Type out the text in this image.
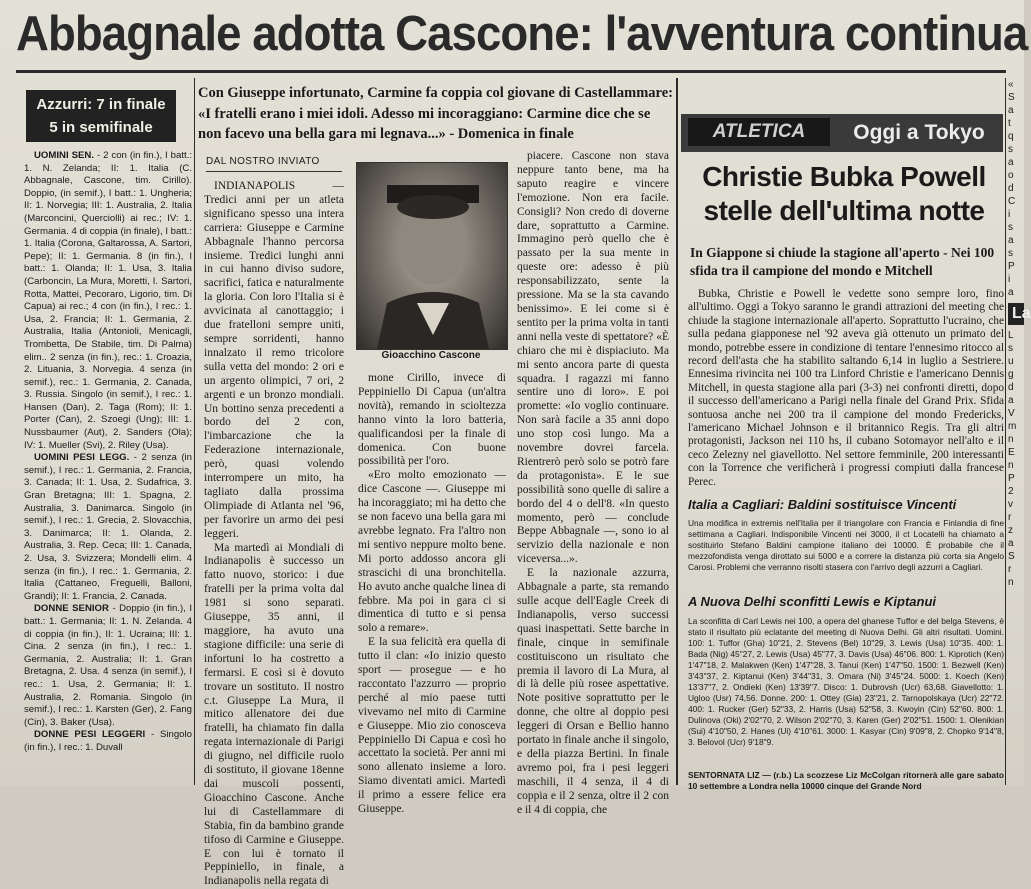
Abbagnale adotta Cascone: l'avventura continua
Azzurri: 7 in finale
5 in semifinale

UOMINI SEN. - 2 con (in fin.), I batt.: 1. N. Zelanda; II: 1. Italia (C. Abbagnale, Cascone, tim. Cirillo). Doppio, (in semif.), I batt.: 1. Ungheria; II: 1. Norvegia; III: 1. Australia, 2. Italia (Marconcini, Querciolli) ai rec.; IV: 1. Germania. 4 di coppia (in finale), I batt.: 1. Italia (Corona, Galtarossa, A. Sartori, Pepe); II: 1. Germania. 8 (in fin.), I batt.: 1. Olanda; II: 1. Usa, 3. Italia (Carboncin, La Mura, Moretti, I. Sartori, Rotta, Mattei, Pecoraro, Ligorio, tim. Di Capua) ai rec.; 4 con (in fin.), I rec.: 1. Usa, 2. Francia; II: 1. Germania, 2. Australia, Italia (Antonioli, Menicagli, Trombetta, De Stabile, tim. Di Palma) elim.. 2 senza (in fin.), rec.: 1. Croazia, 2. Lituania, 3. Norvegia. 4 senza (in semif.), rec.: 1. Germania, 2. Canada, 3. Russia. Singolo (in semif.), I rec.: 1. Hansen (Dan), 2. Taga (Rom); II: 1. Porter (Can), 2. Szoegi (Ung); III: 1. Nussbaumer (Aut), 2. Sanders (Ola); IV: 1. Mueller (Svi), 2. Riley (Usa).

UOMINI PESI LEGG. - 2 senza (in semif.), I rec.: 1. Germania, 2. Francia, 3. Canada; II: 1. Usa, 2. Sudafrica, 3. Gran Bretagna; III: 1. Spagna, 2. Australia, 3. Danimarca. Singolo (in semif.), I rec.: 1. Grecia, 2. Slovacchia, 3. Danimarca; II: 1. Olanda, 2. Australia, 3. Rep. Ceca; III: 1. Canada, 2. Usa, 3. Svizzera; Mondelli elim. 4 senza (in fin.), I rec.: 1. Germania, 2. Italia (Cattaneo, Freguelli, Balloni, Grandi); II: 1. Francia, 2. Canada.

DONNE SENIOR - Doppio (in fin.), I batt.: 1. Germania; II: 1. N. Zelanda. 4 di coppia (in fin.), II: 1. Ucraina; III: 1. Cina. 2 senza (in fin.), I rec.: 1. Germania, 2. Australia; II: 1. Gran Bretagna, 2. Usa. 4 senza (in semif.), I rec.: 1. Usa, 2. Germania; II: 1. Australia, 2. Romania. Singolo (in semif.), I rec.: 1. Karsten (Ger), 2. Fang (Cin), 3. Baker (Usa).

DONNE PESI LEGGERI - Singolo (in fin.), I rec.: 1. Duvall

Con Giuseppe infortunato, Carmine fa coppia col giovane di Castellammare: «I fratelli erano i miei idoli. Adesso mi incoraggiano: Carmine dice che se non facevo una bella gara mi legnava...» - Domenica in finale
DAL NOSTRO INVIATO

INDIANAPOLIS — Tredici anni per un atleta significano spesso una intera carriera: Giuseppe e Carmine Abbagnale l'hanno percorsa insieme. Tredici lunghi anni in cui hanno diviso sudore, sacrifici, fatica e naturalmente la gloria. Con loro l'Italia si è avvicinata al canottaggio; i due fratelloni sempre uniti, sempre sorridenti, hanno innalzato il remo tricolore sulla vetta del mondo: 2 ori e un argento olimpici, 7 ori, 2 argenti e un bronzo mondiali. Un bottino senza precedenti a bordo del 2 con, l'imbarcazione che la Federazione internazionale, però, quasi volendo interrompere un mito, ha tagliato dalla prossima Olimpiade di Atlanta nel '96, per favorire un armo dei pesi leggeri.

Ma martedì ai Mondiali di Indianapolis è successo un fatto nuovo, storico: i due fratelli per la prima volta dal 1981 si sono separati. Giuseppe, 35 anni, il maggiore, ha avuto una stagione difficile: una serie di infortuni lo ha costretto a fermarsi. E così si è dovuto trovare un sostituto. Il nostro c.t. Giuseppe La Mura, il mitico allenatore dei due fratelli, ha chiamato fin dalla regata internazionale di Parigi di giugno, nel difficile ruolo di sostituto, il giovane 18enne dai muscoli possenti, Gioacchino Cascone. Anche lui di Castellammare di Stabia, fin da bambino grande tifoso di Carmine e Giuseppe. E con lui è tornato il Peppiniello, in finale, a Indianapolis nella regata di

Gioacchino Cascone

mone Cirillo, invece di Peppiniello Di Capua (un'altra novità), remando in scioltezza hanno vinto la loro batteria, qualificandosi per la finale di domenica. Con buone possibilità per l'oro.

«Ero molto emozionato — dice Cascone —. Giuseppe mi ha incoraggiato; mi ha detto che se non facevo una bella gara mi avrebbe legnato. Fra l'altro non mi sentivo neppure molto bene. Mi porto addosso ancora gli strascichi di una bronchitella. Ho avuto anche qualche linea di febbre. Ma poi in gara ci si dimentica di tutto e si pensa solo a remare».

E la sua felicità era quella di tutto il clan: «Io inizio questo sport — prosegue — e ho raccontato l'azzurro — proprio perché al mio paese tutti vivevamo nel mito di Carmine e Giuseppe. Mio zio conosceva Peppiniello Di Capua e così ho accettato la società. Per anni mi sono allenato insieme a loro. Siamo diventati amici. Martedì il primo a essere felice era Giuseppe.

piacere. Cascone non stava neppure tanto bene, ma ha saputo reagire e vincere l'emozione. Non era facile. Consigli? Non credo di doverne dare, soprattutto a Carmine. Immagino però quello che è passato per la sua mente in queste ore: adesso è più responsabilizzato, sente la pressione. Ma se la sta cavando benissimo». E lei come si è sentito per la prima volta in tanti anni nella veste di spettatore? «È chiaro che mi è dispiaciuto. Ma mi sento ancora parte di questa squadra. I ragazzi mi fanno sentire uno di loro». E poi promette: «Io voglio continuare. Non sarà facile a 35 anni dopo uno stop così lungo. Ma a novembre dovrei farcela. Rientrerò però solo se potrò fare da protagonista». E le sue possibilità sono quelle di salire a bordo del 4 o dell'8. «In questo momento, però — conclude Beppe Abbagnale —, sono io al servizio della nazionale e non viceversa...».

E la nazionale azzurra, Abbagnale a parte, sta remando sulle acque dell'Eagle Creek di Indianapolis, verso successi quasi inaspettati. Sette barche in finale, cinque in semifinale costituiscono un risultato che premia il lavoro di La Mura, al di là delle più rosee aspettative. Note positive soprattutto per le donne, che oltre al doppio pesi leggeri di Orsan e Bellio hanno portato in finale anche il singolo, e della piazza Bertini. In finale avremo poi, fra i pesi leggeri maschili, il 4 senza, il 4 di coppia e il 2 senza, oltre il 2 con e il 4 di coppia, che

ATLETICA	Oggi a Tokyo
Christie Bubka Powell stelle dell'ultima notte
In Giappone si chiude la stagione all'aperto - Nei 100 sfida tra il campione del mondo e Mitchell

Bubka, Christie e Powell le vedette sono sempre loro, fino all'ultimo. Oggi a Tokyo saranno le grandi attrazioni del meeting che chiude la stagione internazionale all'aperto. Soprattutto l'ucraino, che sulla pedana giapponese nel '92 aveva già ottenuto un primato del mondo, potrebbe essere in condizione di tentare l'ennesimo ritocco al record dell'asta che ha stabilito saltando 6,14 in luglio a Sestriere. Ennesima rivincita nei 100 tra Linford Christie e l'americano Dennis Mitchell, in questa stagione alla pari (3-3) nei confronti diretti, dopo il successo dell'americano a Parigi nella finale del Grand Prix. Sfida sontuosa anche nei 200 tra il campione del mondo Fredericks, l'americano Michael Johnson e il britannico Regis. Tra gli altri protagonisti, Jackson nei 110 hs, il cubano Sotomayor nell'alto e il ceco Zelezny nel giavellotto. Nel settore femminile, 200 interessanti con la Torrence che verificherà i progressi compiuti dalla francese Perec.

Italia a Cagliari: Baldini sostituisce Vincenti
Una modifica in extremis nell'Italia per il triangolare con Francia e Finlandia di fine settimana a Cagliari. Indisponibile Vincenti nei 3000, il ct Locatelli ha chiamato a sostituirlo Stefano Baldini campione italiano dei 10000. È probabile che il mezzofondista venga dirottato sui 5000 e a correre la distanza più corta sia Angelo Carosi. Problemi che verranno risolti stasera con l'arrivo degli azzurri a Cagliari.
A Nuova Delhi sconfitti Lewis e Kiptanui
La sconfitta di Carl Lewis nei 100, a opera del ghanese Tuffor e del belga Stevens, è stato il risultato più eclatante del meeting di Nuova Delhi. Gli altri risultati. Uomini. 100: 1. Tuffor (Gha) 10"21, 2. Stevens (Bel) 10"29, 3. Lewis (Usa) 10"35. 400: 1. Bada (Nig) 45"27, 2. Lewis (Usa) 45"77, 3. Davis (Usa) 46"06. 800: 1. Kiprotich (Ken) 1'47"18, 2. Malakwen (Ken) 1'47"28, 3. Tanui (Ken) 1'47"50. 1500: 1. Bezwell (Ken) 3'43"37, 2. Kiptanui (Ken) 3'44"31, 3. Omara (Ni) 3'45"24. 5000: 1. Koech (Ken) 13'37"7, 2. Ondieki (Ken) 13'39"7. Disco: 1. Dubrovsh (Ucr) 63,68. Giavellotto: 1. Ugloo (Usr) 74,56. Donne. 200: 1. Ottey (Gia) 23"21, 2. Tarnopolskaya (Ucr) 22"72. 400: 1. Rucker (Ger) 52"33, 2. Harris (Usa) 52"58, 3. Kwoyin (Cin) 52"60. 800: 1. Dulinova (Oki) 2'02"70, 2. Wilson 2'02"70, 3. Karen (Ger) 2'02"51. 1500: 1. Olenikian (Sui) 4'10"50, 2. Hanes (Ui) 4'10"61. 3000: 1. Kasyar (Cin) 9'09"8, 2. Chopko 9'14"8, 3. Belovol (Ucr) 9'18"9.
SENTORNATA LIZ — (r.b.) La scozzese Liz McColgan ritornerà alle gare sabato 10 settembre a Londra nella 10000 cinque del Grande Nord
«
S
a
t
q
s
a
o
d
C
i
s
a
s
P
i
a
La
L
s
u
g
d
a
V
m
n
E
n
P
2
v
r
z
a
S
r
n
